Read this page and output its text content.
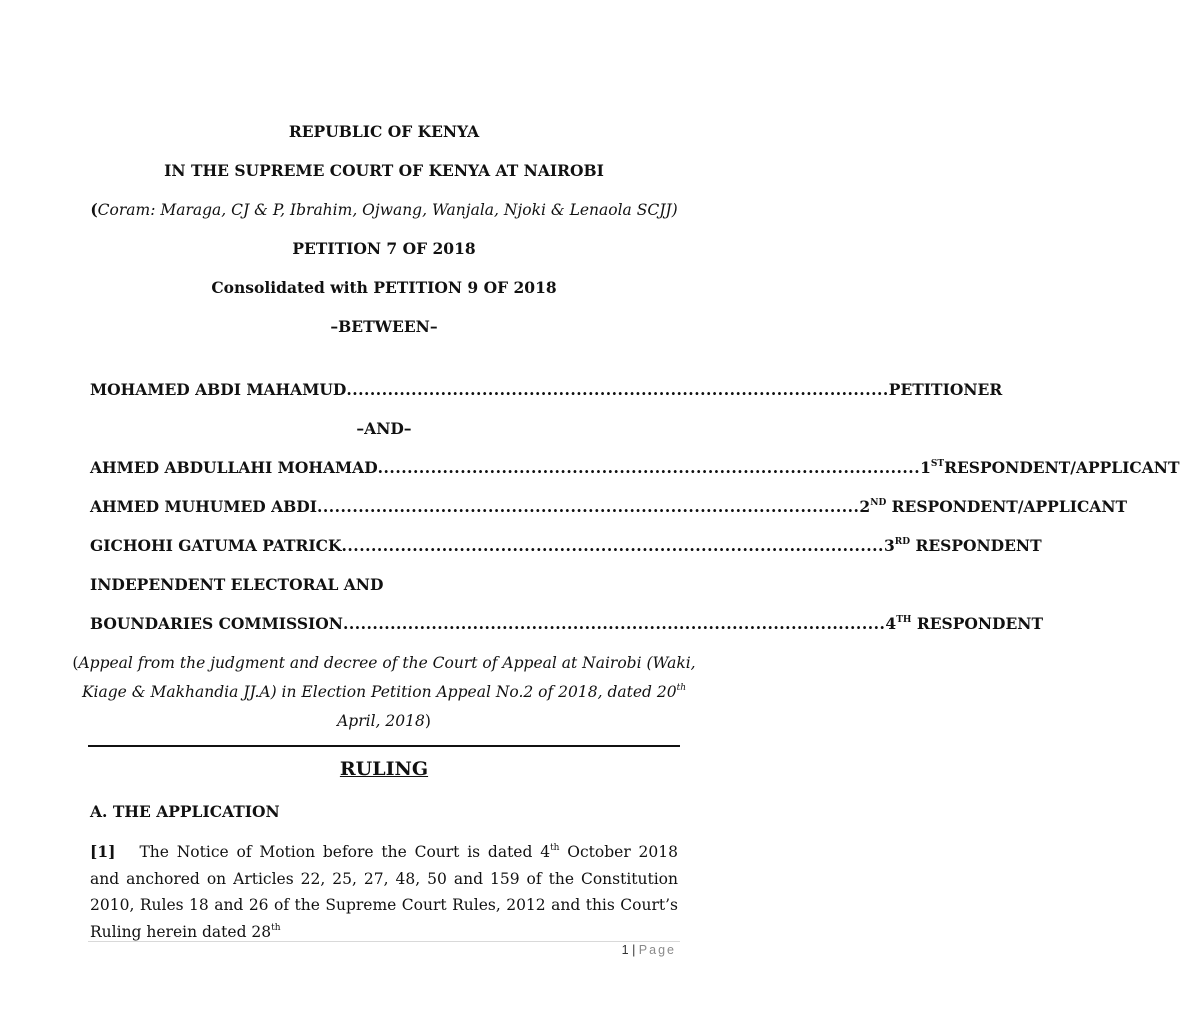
REPUBLIC OF KENYA
IN THE SUPREME COURT OF KENYA AT NAIROBI
(Coram: Maraga, CJ & P, Ibrahim, Ojwang, Wanjala, Njoki & Lenaola SCJJ)
PETITION 7 OF 2018
Consolidated with PETITION 9 OF 2018
–BETWEEN–
MOHAMED ABDI MAHAMUD ............................................................................................ PETITIONER
–AND–
AHMED ABDULLAHI MOHAMAD ............................................................................................ 1STRESPONDENT/APPLICANT
AHMED MUHUMED ABDI ............................................................................................ 2ND RESPONDENT/APPLICANT
GICHOHI GATUMA PATRICK ............................................................................................ 3RD RESPONDENT
INDEPENDENT ELECTORAL AND
BOUNDARIES COMMISSION ............................................................................................ 4TH RESPONDENT
(Appeal from the judgment and decree of the Court of Appeal at Nairobi (Waki,
Kiage & Makhandia JJ.A) in Election Petition Appeal No.2 of 2018, dated 20th
April, 2018)
RULING
A. THE APPLICATION
[1] The Notice of Motion before the Court is dated 4th October 2018 and anchored on Articles 22, 25, 27, 48, 50 and 159 of the Constitution 2010, Rules 18 and 26 of the Supreme Court Rules, 2012 and this Court’s Ruling herein dated 28th
1 | Page
